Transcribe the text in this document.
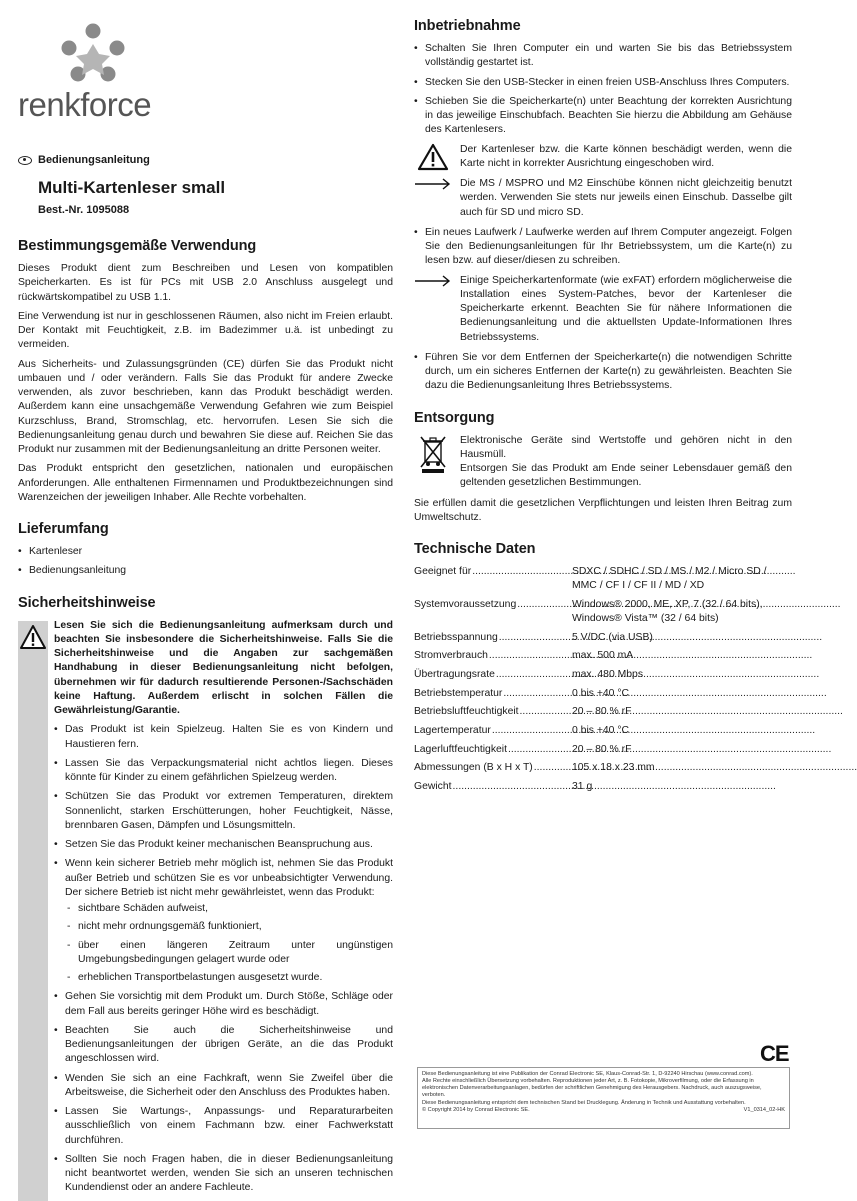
renkforce
Bedienungsanleitung
Multi-Kartenleser small
Best.-Nr. 1095088
Bestimmungsgemäße Verwendung

Dieses Produkt dient zum Beschreiben und Lesen von kompatiblen Speicherkarten. Es ist für PCs mit USB 2.0 Anschluss ausgelegt und rückwärtskompatibel zu USB 1.1.

Eine Verwendung ist nur in geschlossenen Räumen, also nicht im Freien erlaubt. Der Kontakt mit Feuchtigkeit, z.B. im Badezimmer u.ä. ist unbedingt zu vermeiden.

Aus Sicherheits- und Zulassungsgründen (CE) dürfen Sie das Produkt nicht umbauen und / oder verändern. Falls Sie das Produkt für andere Zwecke verwenden, als zuvor beschrieben, kann das Produkt beschädigt werden. Außerdem kann eine unsachgemäße Verwendung Gefahren wie zum Beispiel Kurzschluss, Brand, Stromschlag, etc. hervorrufen. Lesen Sie sich die Bedienungsanleitung genau durch und bewahren Sie diese auf. Reichen Sie das Produkt nur zusammen mit der Bedienungsanleitung an dritte Personen weiter.

Das Produkt entspricht den gesetzlichen, nationalen und europäischen Anforderungen. Alle enthaltenen Firmennamen und Produktbezeichnungen sind Warenzeichen der jeweiligen Inhaber. Alle Rechte vorbehalten.

Lieferumfang
• Kartenleser
• Bedienungsanleitung
Sicherheitshinweise
Lesen Sie sich die Bedienungsanleitung aufmerksam durch und beachten Sie insbesondere die Sicherheitshinweise. Falls Sie die Sicherheitshinweise und die Angaben zur sachgemäßen Handhabung in dieser Bedienungsanleitung nicht befolgen, übernehmen wir für dadurch resultierende Personen-/Sachschäden keine Haftung. Außerdem erlischt in solchen Fällen die Gewährleistung/Garantie.
• Das Produkt ist kein Spielzeug. Halten Sie es von Kindern und Haustieren fern.
• Lassen Sie das Verpackungsmaterial nicht achtlos liegen. Dieses könnte für Kinder zu einem gefährlichen Spielzeug werden.
• Schützen Sie das Produkt vor extremen Temperaturen, direktem Sonnenlicht, starken Erschütterungen, hoher Feuchtigkeit, Nässe, brennbaren Gasen, Dämpfen und Lösungsmitteln.
• Setzen Sie das Produkt keiner mechanischen Beanspruchung aus.
• Wenn kein sicherer Betrieb mehr möglich ist, nehmen Sie das Produkt außer Betrieb und schützen Sie es vor unbeabsichtigter Verwendung. Der sichere Betrieb ist nicht mehr gewährleistet, wenn das Produkt:
- sichtbare Schäden aufweist,
- nicht mehr ordnungsgemäß funktioniert,
- über einen längeren Zeitraum unter ungünstigen Umgebungsbedingungen gelagert wurde oder
- erheblichen Transportbelastungen ausgesetzt wurde.
• Gehen Sie vorsichtig mit dem Produkt um. Durch Stöße, Schläge oder dem Fall aus bereits geringer Höhe wird es beschädigt.
• Beachten Sie auch die Sicherheitshinweise und Bedienungsanleitungen der übrigen Geräte, an die das Produkt angeschlossen wird.
• Wenden Sie sich an eine Fachkraft, wenn Sie Zweifel über die Arbeitsweise, die Sicherheit oder den Anschluss des Produktes haben.
• Lassen Sie Wartungs-, Anpassungs- und Reparaturarbeiten ausschließlich von einem Fachmann bzw. einer Fachwerkstatt durchführen.
• Sollten Sie noch Fragen haben, die in dieser Bedienungsanleitung nicht beantwortet werden, wenden Sie sich an unseren technischen Kundendienst oder an andere Fachleute.
Inbetriebnahme
• Schalten Sie Ihren Computer ein und warten Sie bis das Betriebssystem vollständig gestartet ist.
• Stecken Sie den USB-Stecker in einen freien USB-Anschluss Ihres Computers.
• Schieben Sie die Speicherkarte(n) unter Beachtung der korrekten Ausrichtung in das jeweilige Einschubfach. Beachten Sie hierzu die Abbildung am Gehäuse des Kartenlesers.

Der Kartenleser bzw. die Karte können beschädigt werden, wenn die Karte nicht in korrekter Ausrichtung eingeschoben wird.

Die MS / MSPRO und M2 Einschübe können nicht gleichzeitig benutzt werden. Verwenden Sie stets nur jeweils einen Einschub. Dasselbe gilt auch für SD und micro SD.

• Ein neues Laufwerk / Laufwerke werden auf Ihrem Computer angezeigt. Folgen Sie den Bedienungsanleitungen für Ihr Betriebssystem, um die Karte(n) zu lesen bzw. auf dieser/diesen zu schreiben.

Einige Speicherkartenformate (wie exFAT) erfordern möglicherweise die Installation eines System-Patches, bevor der Kartenleser die Speicherkarte erkennt. Beachten Sie für nähere Informationen die Bedienungsanleitung und die aktuellsten Update-Informationen Ihres Betriebssystems.

• Führen Sie vor dem Entfernen der Speicherkarte(n) die notwendigen Schritte durch, um ein sicheres Entfernen der Karte(n) zu gewährleisten. Beachten Sie dazu die Bedienungsanleitung Ihres Betriebssystems.
Entsorgung

Elektronische Geräte sind Wertstoffe und gehören nicht in den Hausmüll.

Entsorgen Sie das Produkt am Ende seiner Lebensdauer gemäß den geltenden gesetzlichen Bestimmungen.

Sie erfüllen damit die gesetzlichen Verpflichtungen und leisten Ihren Beitrag zum Umweltschutz.

Technische Daten
Geeignet für .....	SDXC / SDHC / SD / MS / M2 / Micro SD / MMC / CF I / CF II / MD / XD
Systemvoraussetzung .....	Windows® 2000, ME, XP, 7 (32 / 64 bits), Windows® Vista™ (32 / 64 bits)
Betriebsspannung .....	5 V/DC (via USB)
Stromverbrauch .....	max. 500 mA
Übertragungsrate .....	max. 480 Mbps
Betriebstemperatur .....	0 bis +40 °C
Betriebsluftfeuchtigkeit .....	20 – 80 % rF
Lagertemperatur .....	0 bis +40 °C
Lagerluftfeuchtigkeit .....	20 – 80 % rF
Abmessungen (B x H x T) .....	105 x 18 x 23 mm
Gewicht .....	31 g
CE
Diese Bedienungsanleitung ist eine Publikation der Conrad Electronic SE, Klaus-Conrad-Str. 1, D-92240 Hirschau (www.conrad.com).
Alle Rechte einschließlich Übersetzung vorbehalten. Reproduktionen jeder Art, z. B. Fotokopie, Mikroverfilmung, oder die Erfassung in elektronischen Datenverarbeitungsanlagen, bedürfen der schriftlichen Genehmigung des Herausgebers. Nachdruck, auch auszugsweise, verboten.
Diese Bedienungsanleitung entspricht dem technischen Stand bei Drucklegung. Änderung in Technik und Ausstattung vorbehalten.
© Copyright 2014 by Conrad Electronic SE.	V1_0314_02-HK
